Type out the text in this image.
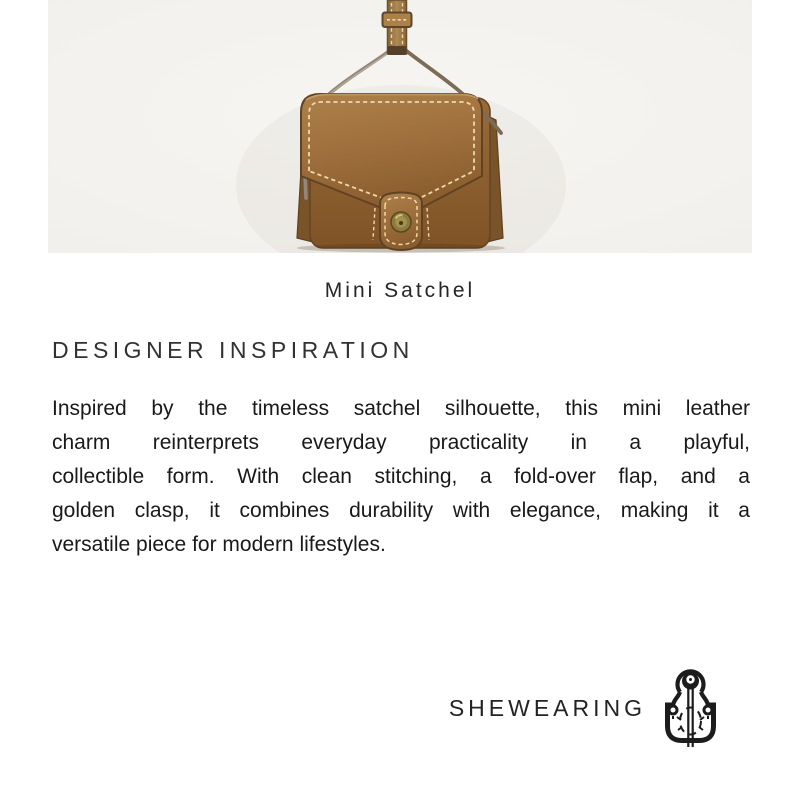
Mini Satchel
DESIGNER INSPIRATION
Inspired by the timeless satchel silhouette, this mini leather
charm reinterprets everyday practicality in a playful,
collectible form. With clean stitching, a fold-over flap, and a
golden clasp, it combines durability with elegance, making it a
versatile piece for modern lifestyles.
SHEWEARING
